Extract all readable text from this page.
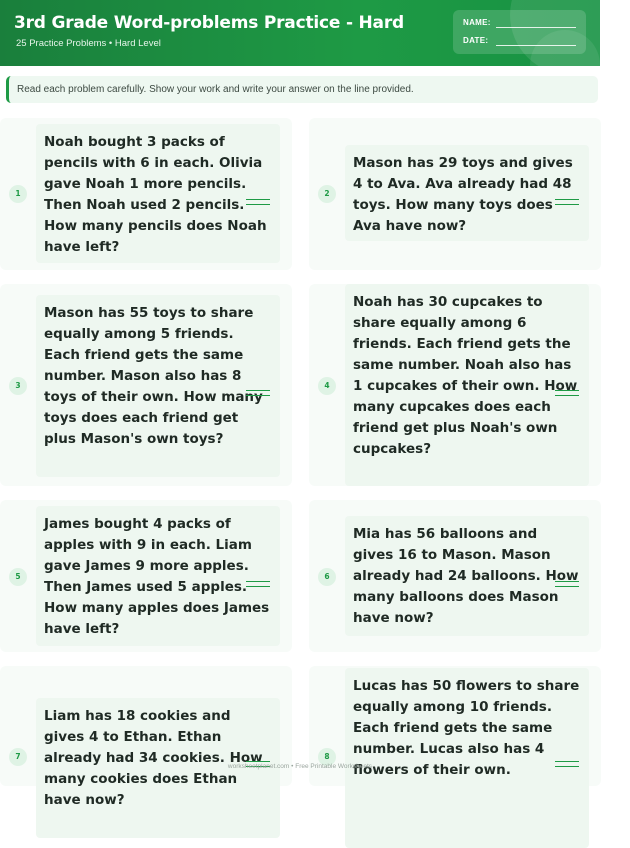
3rd Grade Word-problems Practice - Hard
25 Practice Problems • Hard Level
NAME:
DATE:
Read each problem carefully. Show your work and write your answer on the line provided.
1
Noah bought 3 packs of pencils with 6 in each. Olivia gave Noah 1 more pencils. Then Noah used 2 pencils. How many pencils does Noah have left?
2
Mason has 29 toys and gives 4 to Ava. Ava already had 48 toys. How many toys does Ava have now?
3
Mason has 55 toys to share equally among 5 friends. Each friend gets the same number. Mason also has 8 toys of their own. How many toys does each friend get plus Mason's own toys?
4
Noah has 30 cupcakes to share equally among 6 friends. Each friend gets the same number. Noah also has 1 cupcakes of their own. How many cupcakes does each friend get plus Noah's own cupcakes?
5
James bought 4 packs of apples with 9 in each. Liam gave James 9 more apples. Then James used 5 apples. How many apples does James have left?
6
Mia has 56 balloons and gives 16 to Mason. Mason already had 24 balloons. How many balloons does Mason have now?
7
Liam has 18 cookies and gives 4 to Ethan. Ethan already had 34 cookies. How many cookies does Ethan have now?
8
Lucas has 50 flowers to share equally among 10 friends. Each friend gets the same number. Lucas also has 4 flowers of their own.
worksheetplanet.com • Free Printable Worksheets
